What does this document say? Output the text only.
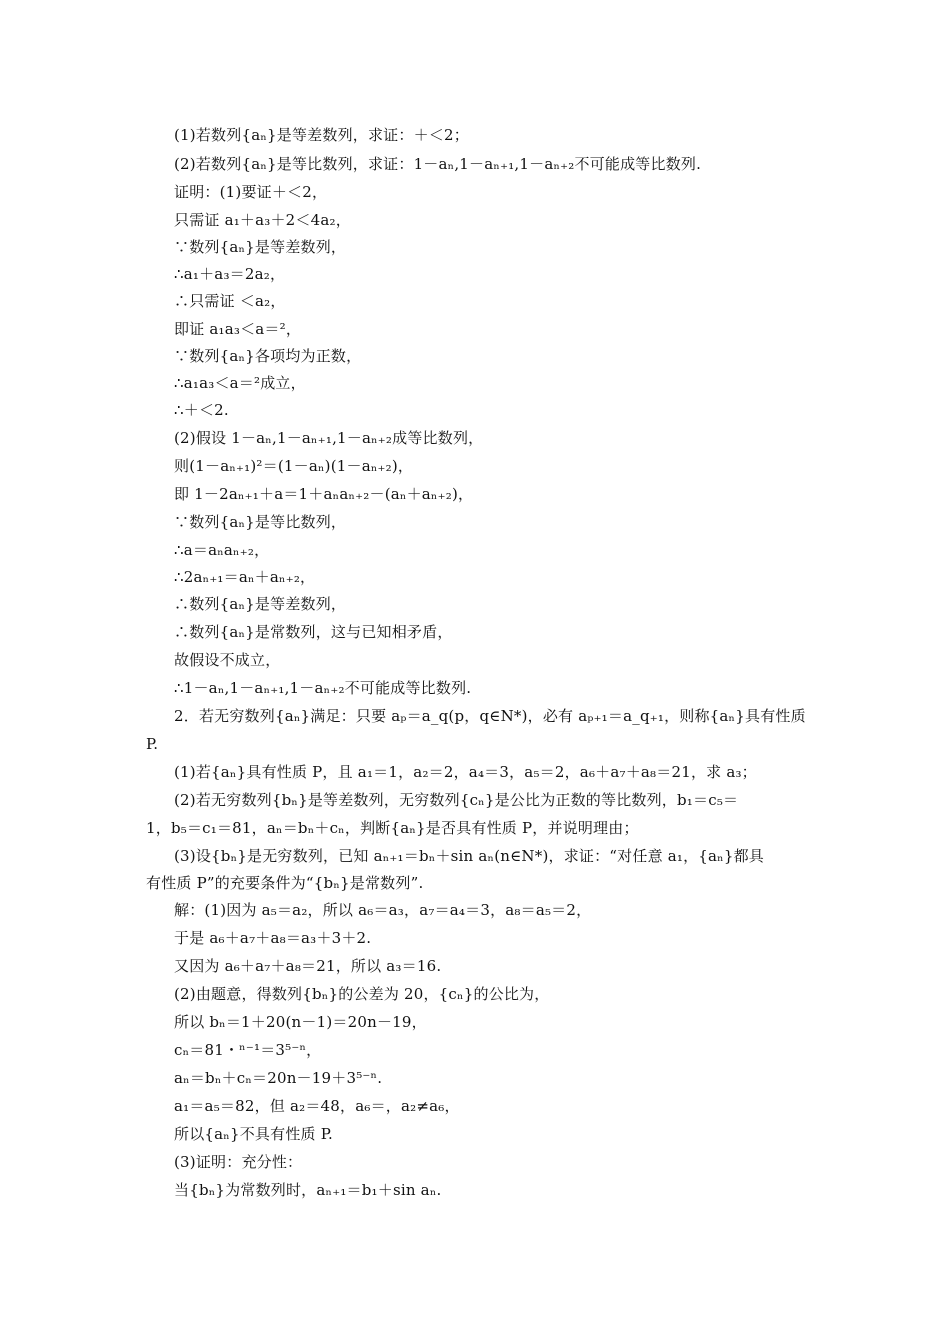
(1)若数列{aₙ}是等差数列，求证：＋＜2；
(2)若数列{aₙ}是等比数列，求证：1－aₙ,1－aₙ₊₁,1－aₙ₊₂不可能成等比数列.
证明：(1)要证＋＜2，
只需证 a₁＋a₃＋2＜4a₂，
∵数列{aₙ}是等差数列，
∴a₁＋a₃＝2a₂，
∴只需证 ＜a₂，
即证 a₁a₃＜a＝²，
∵数列{aₙ}各项均为正数，
∴a₁a₃＜a＝²成立，
∴＋＜2.
(2)假设 1－aₙ,1－aₙ₊₁,1－aₙ₊₂成等比数列，
则(1－aₙ₊₁)²＝(1－aₙ)(1－aₙ₊₂)，
即 1－2aₙ₊₁＋a＝1＋aₙaₙ₊₂－(aₙ＋aₙ₊₂)，
∵数列{aₙ}是等比数列，
∴a＝aₙaₙ₊₂，
∴2aₙ₊₁＝aₙ＋aₙ₊₂，
∴数列{aₙ}是等差数列，
∴数列{aₙ}是常数列，这与已知相矛盾，
故假设不成立，
∴1－aₙ,1－aₙ₊₁,1－aₙ₊₂不可能成等比数列.
2．若无穷数列{aₙ}满足：只要 aₚ＝a_q(p，q∈N*)，必有 aₚ₊₁＝a_q₊₁，则称{aₙ}具有性质
P.
(1)若{aₙ}具有性质 P，且 a₁＝1，a₂＝2，a₄＝3，a₅＝2，a₆＋a₇＋a₈＝21，求 a₃；
(2)若无穷数列{bₙ}是等差数列，无穷数列{cₙ}是公比为正数的等比数列，b₁＝c₅＝
1，b₅＝c₁＝81，aₙ＝bₙ＋cₙ，判断{aₙ}是否具有性质 P，并说明理由；
(3)设{bₙ}是无穷数列，已知 aₙ₊₁＝bₙ＋sin aₙ(n∈N*)，求证：“对任意 a₁，{aₙ}都具
有性质 P”的充要条件为“{bₙ}是常数列”.
解：(1)因为 a₅＝a₂，所以 a₆＝a₃，a₇＝a₄＝3，a₈＝a₅＝2，
于是 a₆＋a₇＋a₈＝a₃＋3＋2.
又因为 a₆＋a₇＋a₈＝21，所以 a₃＝16.
(2)由题意，得数列{bₙ}的公差为 20，{cₙ}的公比为，
所以 bₙ＝1＋20(n－1)＝20n－19，
cₙ＝81・ⁿ⁻¹＝3⁵⁻ⁿ，
aₙ＝bₙ＋cₙ＝20n－19＋3⁵⁻ⁿ.
a₁＝a₅＝82，但 a₂＝48，a₆＝，a₂≠a₆，
所以{aₙ}不具有性质 P.
(3)证明：充分性：
当{bₙ}为常数列时，aₙ₊₁＝b₁＋sin aₙ.
